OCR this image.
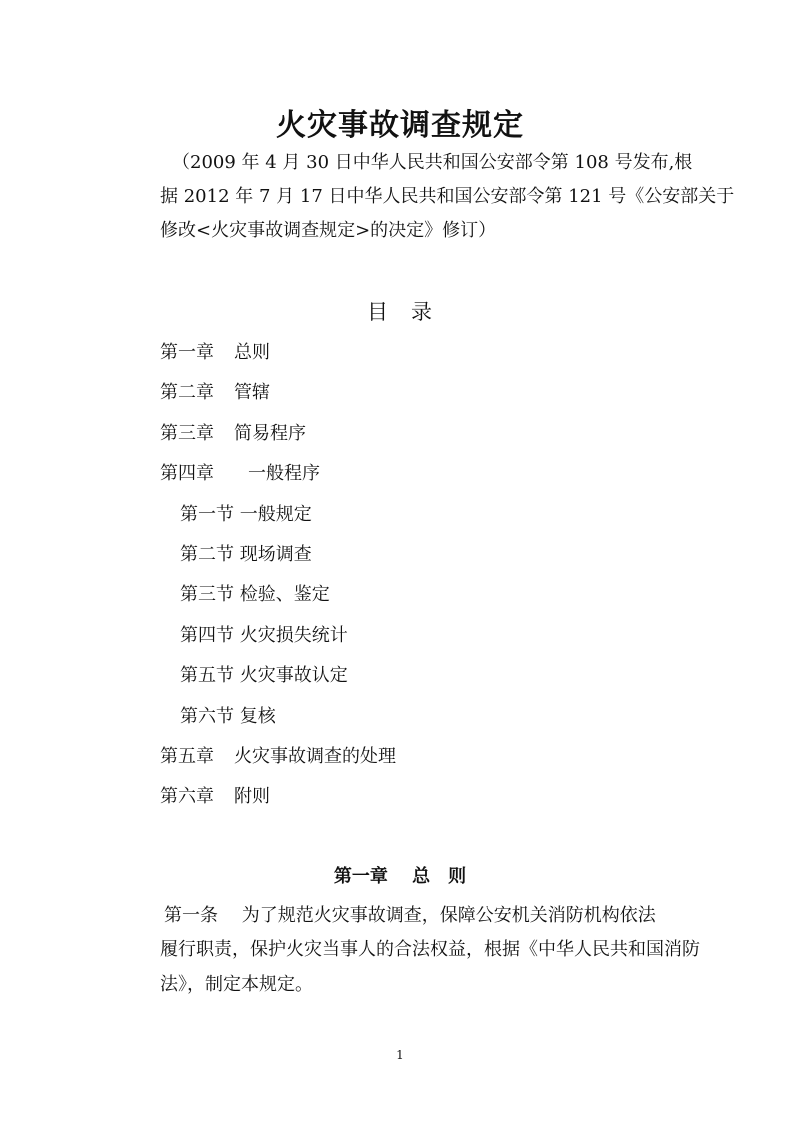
火灾事故调查规定
（2009 年 4 月 30 日中华人民共和国公安部令第 108 号发布,根
据 2012 年 7 月 17 日中华人民共和国公安部令第 121 号《公安部关于
修改<火灾事故调查规定>的决定》修订）
目　录
第一章 总则
第二章 管辖
第三章 简易程序
第四章 一般程序
第一节 一般规定
第二节 现场调查
第三节 检验、鉴定
第四节 火灾损失统计
第五节 火灾事故认定
第六节 复核
第五章 火灾事故调查的处理
第六章 附则
第一章　 总　则
第一条　 为了规范火灾事故调查，保障公安机关消防机构依法
履行职责，保护火灾当事人的合法权益，根据《中华人民共和国消防
法》，制定本规定。
1
